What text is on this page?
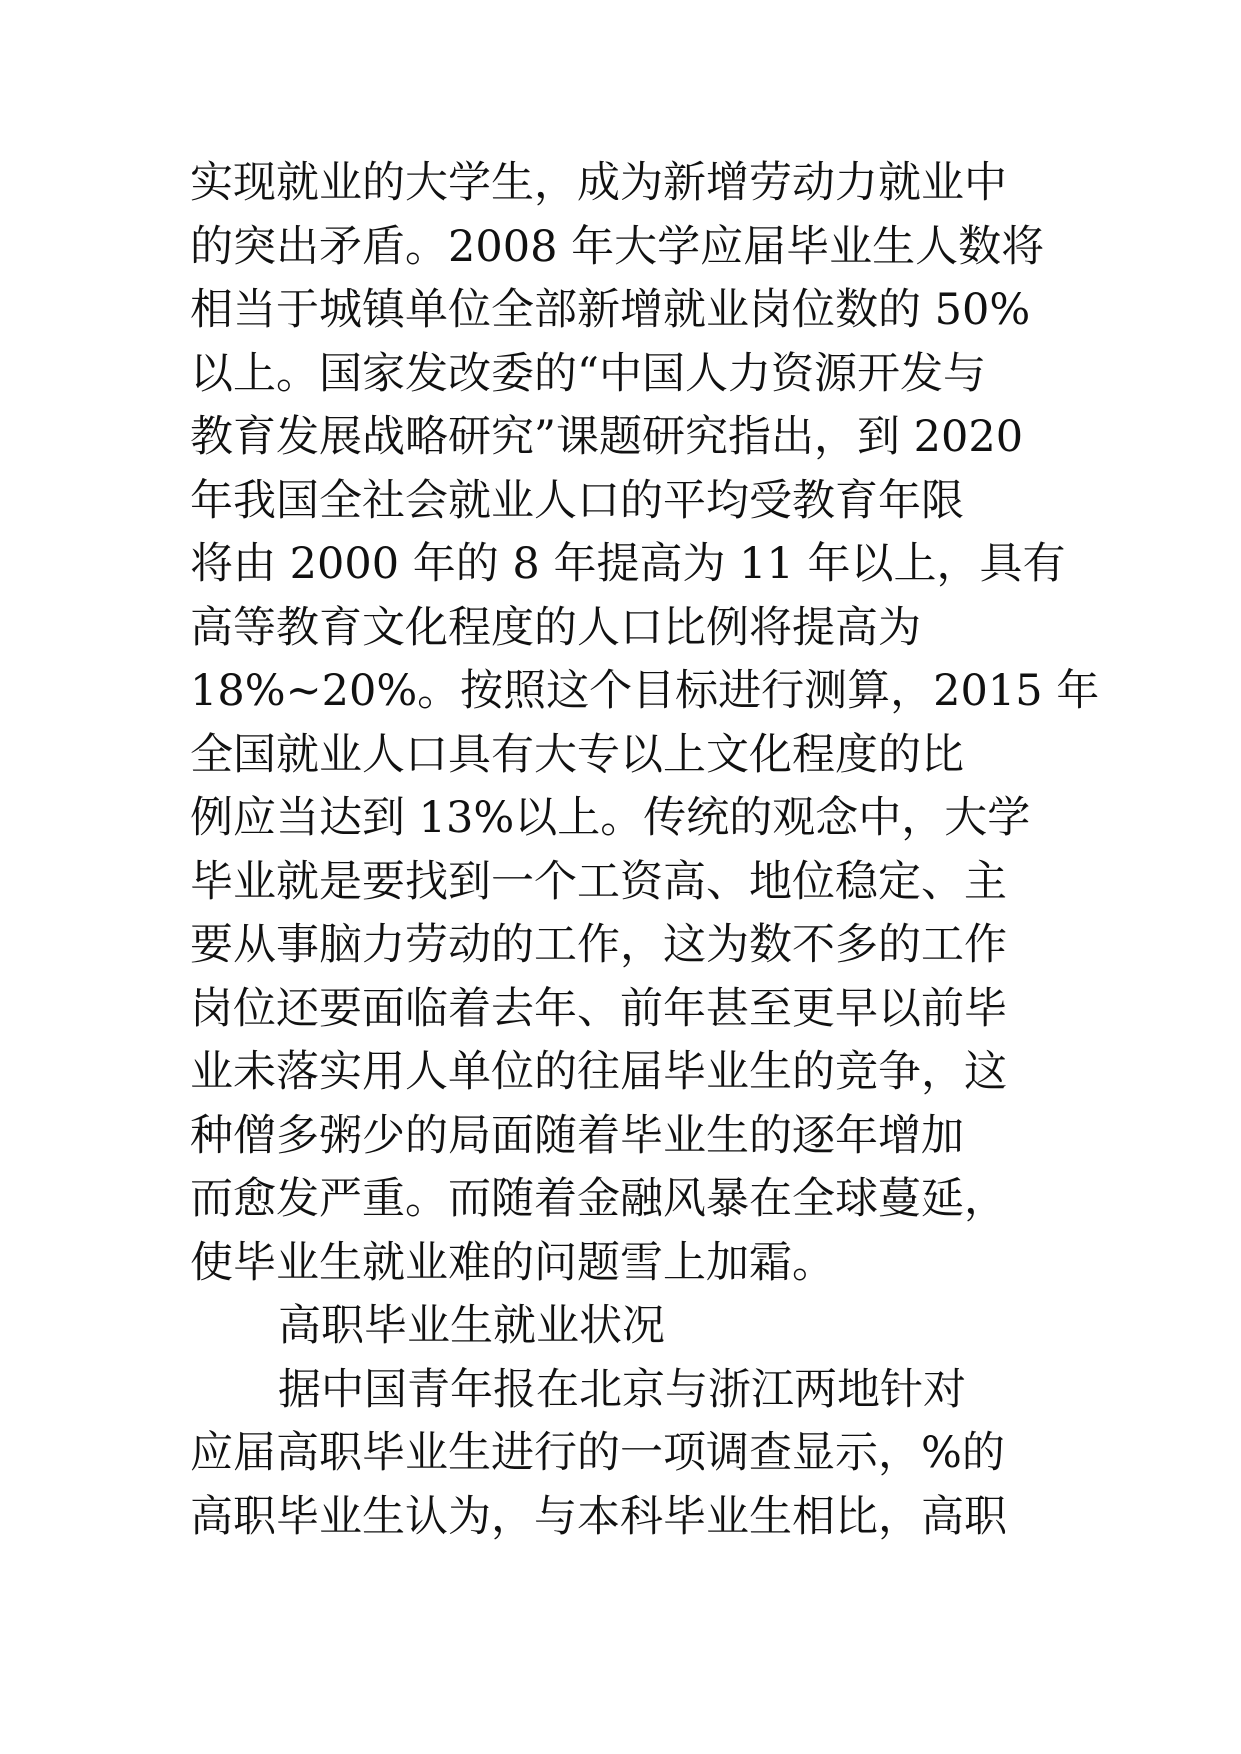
实现就业的大学生，成为新增劳动力就业中
的突出矛盾。2008 年大学应届毕业生人数将
相当于城镇单位全部新增就业岗位数的 50%
以上。国家发改委的“中国人力资源开发与
教育发展战略研究”课题研究指出，到 2020
年我国全社会就业人口的平均受教育年限
将由 2000 年的 8 年提高为 11 年以上，具有
高等教育文化程度的人口比例将提高为
18%~20%。按照这个目标进行测算，2015 年
全国就业人口具有大专以上文化程度的比
例应当达到 13%以上。传统的观念中，大学
毕业就是要找到一个工资高、地位稳定、主
要从事脑力劳动的工作，这为数不多的工作
岗位还要面临着去年、前年甚至更早以前毕
业未落实用人单位的往届毕业生的竞争，这
种僧多粥少的局面随着毕业生的逐年增加
而愈发严重。而随着金融风暴在全球蔓延，
使毕业生就业难的问题雪上加霜。
高职毕业生就业状况
据中国青年报在北京与浙江两地针对
应届高职毕业生进行的一项调查显示，%的
高职毕业生认为，与本科毕业生相比，高职
